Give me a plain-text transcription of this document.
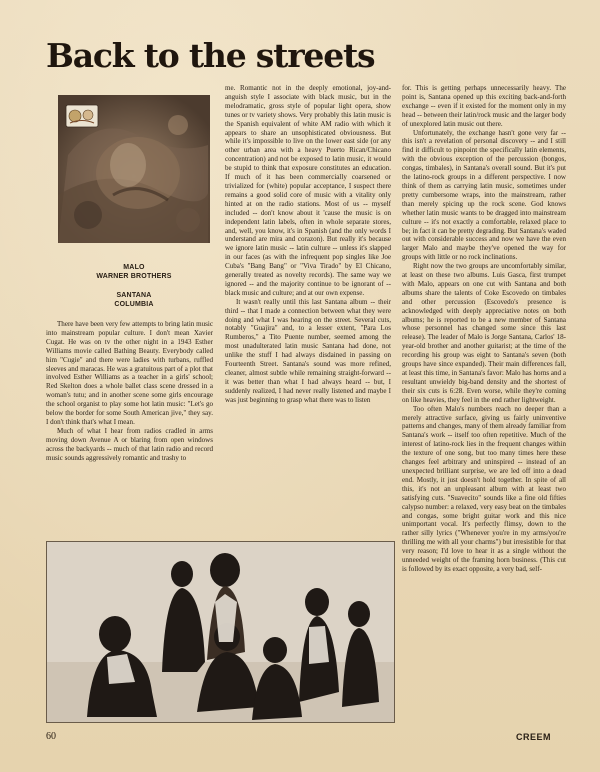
Back to the streets
MALO
WARNER BROTHERS
SANTANA
COLUMBIA

There have been very few attempts to bring latin music into mainstream popular culture. I don't mean Xavier Cugat. He was on tv the other night in a 1943 Esther Williams movie called Bathing Beauty. Everybody called him "Cugie" and there were ladies with turbans, ruffled sleeves and maracas. He was a gratuitous part of a plot that involved Esther Williams as a teacher in a girls' school; Red Skelton does a whole ballet class scene dressed in a woman's tutu; and in another scene some girls encourage the school organist to play some hot latin music: "Let's go below the border for some South American jive," they say. I don't think that's what I mean.

Much of what I hear from radios cradled in arms moving down Avenue A or blaring from open windows across the backyards -- much of that latin radio and record music sounds aggressively romantic and trashy to

me. Romantic not in the deeply emotional, joy-and-anguish style I associate with black music, but in the melodramatic, gross style of popular light opera, show tunes or tv variety shows. Very probably this latin music is the Spanish equivalent of white AM radio with which it appears to share an unsophisticated obviousness. But while it's impossible to live on the lower east side (or any other urban area with a heavy Puerto Rican/Chicano concentration) and not be exposed to latin music, it would be stupid to think that exposure constitutes an education. If much of it has been commercially coarsened or trivialized for (white) popular acceptance, I suspect there remains a good solid core of music with a vitality only hinted at on the radio stations. Most of us -- myself included -- don't know about it 'cause the music is on independent latin labels, often in whole separate stores, and, well, you know, it's in Spanish (and the only words I understand are mira and corazon). But really it's because we ignore latin music -- latin culture -- unless it's slapped in our faces (as with the infrequent pop singles like Joe Cuba's "Bang Bang" or "Viva Tirado" by El Chicano, generally treated as novelty records). The same way we ignored -- and the majority continue to be ignorant of -- black music and culture; and at our own expense.

It wasn't really until this last Santana album -- their third -- that I made a connection between what they were doing and what I was hearing on the street. Several cuts, notably "Guajira" and, to a lesser extent, "Para Los Rumberos," a Tito Puente number, seemed among the most unadulterated latin music Santana had done, not unlike the stuff I had always disdained in passing on Fourteenth Street. Santana's sound was more refined, cleaner, almost subtle while remaining straight-forward -- it was better than what I had always heard -- but, I suddenly realized, I had never really listened and maybe I was just beginning to grasp what there was to listen

for. This is getting perhaps unnecessarily heavy. The point is, Santana opened up this exciting back-and-forth exchange -- even if it existed for the moment only in my head -- between their latin/rock music and the larger body of unexplored latin music out there.

Unfortunately, the exchange hasn't gone very far -- this isn't a revelation of personal discovery -- and I still find it difficult to pinpoint the specifically latin elements, with the obvious exception of the percussion (bongos, congas, timbales), in Santana's overall sound. But it's put the latino-rock groups in a different perspective. I now think of them as carrying latin music, sometimes under pretty cumbersome wraps, into the mainstream, rather than merely spicing up the rock scene. God knows whether latin music wants to be dragged into mainstream culture -- it's not exactly a comfortable, relaxed place to be; in fact it can be pretty degrading. But Santana's waded out with considerable success and now we have the even larger Malo and maybe they've opened the way for groups with little or no rock inclinations.

Right now the two groups are uncomfortably similar, at least on these two albums. Luis Gasca, first trumpet with Malo, appears on one cut with Santana and both albums share the talents of Coke Escovedo on timbales and other percussion (Escovedo's presence is acknowledged with deeply appreciative notes on both albums; he is reported to be a new member of Santana whose personnel has changed some since this last release). The leader of Malo is Jorge Santana, Carlos' 18-year-old brother and another guitarist; at the time of the recording his group was eight to Santana's seven (both groups have since expanded). Their main differences fall, at least this time, in Santana's favor: Malo has horns and a resultant unwieldy big-band density and the shortest of their six cuts is 6:28. Even worse, while they're coming on like heavies, they feel in the end rather lightweight.

Too often Malo's numbers reach no deeper than a merely attractive surface, giving us fairly uninventive patterns and changes, many of them already familiar from Santana's work -- itself too often repetitive. Much of the interest of latino-rock lies in the frequent changes within the texture of one song, but too many times here these changes feel arbitrary and uninspired -- instead of an unexpected brilliant surprise, we are led off into a dead end. Mostly, it just doesn't hold together. In spite of all this, it's not an unpleasant album with at least two satisfying cuts. "Suavecito" sounds like a fine old fifties calypso number: a relaxed, very easy beat on the timbales and congas, some bright guitar work and this nice unimportant vocal. It's perfectly flimsy, down to the rather silly lyrics ("Whenever you're in my arms/you're thrilling me with all your charms") but irresistible for that very reason; I'd love to hear it as a single without the unneeded weight of the framing horn business. (This cut is followed by its exact opposite, a very bad, self-

60	CREEM
